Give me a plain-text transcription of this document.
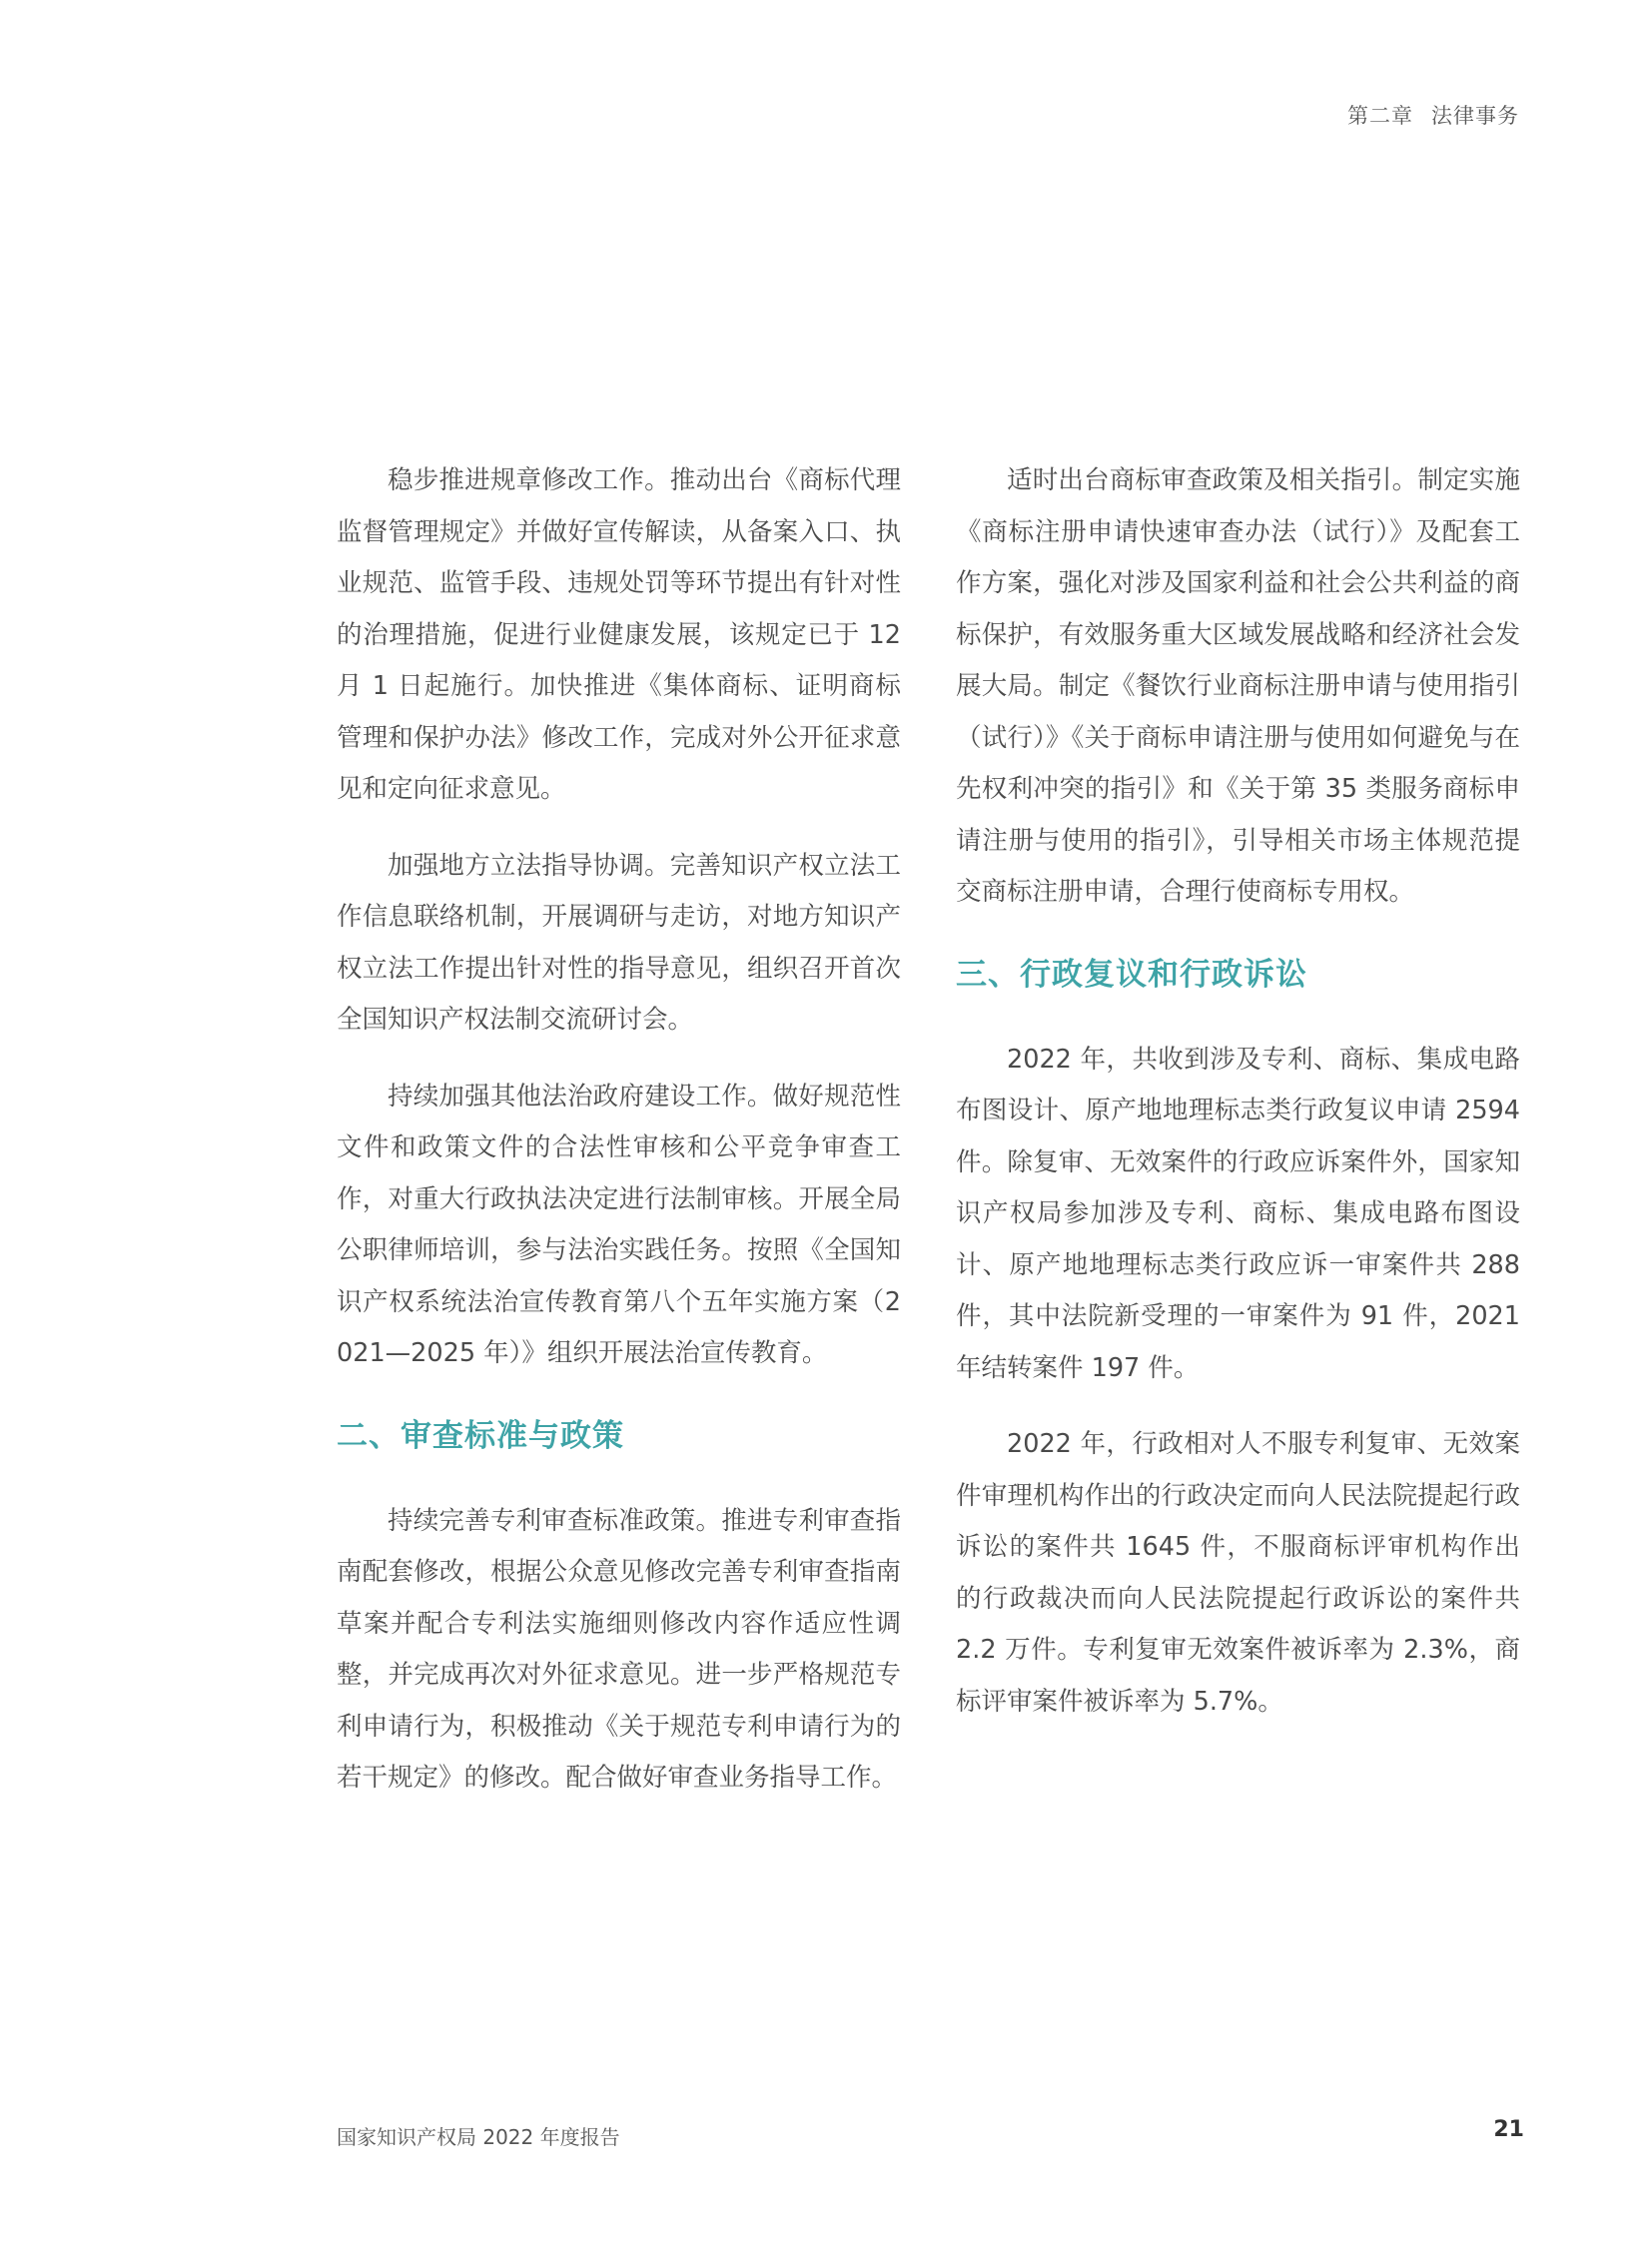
第二章 法律事务

稳步推进规章修改工作。推动出台《商标代理监督管理规定》并做好宣传解读，从备案入口、执业规范、监管手段、违规处罚等环节提出有针对性的治理措施，促进行业健康发展，该规定已于 12 月 1 日起施行。加快推进《集体商标、证明商标管理和保护办法》修改工作，完成对外公开征求意见和定向征求意见。

加强地方立法指导协调。完善知识产权立法工作信息联络机制，开展调研与走访，对地方知识产权立法工作提出针对性的指导意见，组织召开首次全国知识产权法制交流研讨会。

持续加强其他法治政府建设工作。做好规范性文件和政策文件的合法性审核和公平竞争审查工作，对重大行政执法决定进行法制审核。开展全局公职律师培训，参与法治实践任务。按照《全国知识产权系统法治宣传教育第八个五年实施方案（2021—2025 年）》组织开展法治宣传教育。

二、审查标准与政策

持续完善专利审查标准政策。推进专利审查指南配套修改，根据公众意见修改完善专利审查指南草案并配合专利法实施细则修改内容作适应性调整，并完成再次对外征求意见。进一步严格规范专利申请行为，积极推动《关于规范专利申请行为的若干规定》的修改。配合做好审查业务指导工作。

适时出台商标审查政策及相关指引。制定实施《商标注册申请快速审查办法（试行）》及配套工作方案，强化对涉及国家利益和社会公共利益的商标保护，有效服务重大区域发展战略和经济社会发展大局。制定《餐饮行业商标注册申请与使用指引（试行）》《关于商标申请注册与使用如何避免与在先权利冲突的指引》和《关于第 35 类服务商标申请注册与使用的指引》，引导相关市场主体规范提交商标注册申请，合理行使商标专用权。

三、行政复议和行政诉讼

2022 年，共收到涉及专利、商标、集成电路布图设计、原产地地理标志类行政复议申请 2594 件。除复审、无效案件的行政应诉案件外，国家知识产权局参加涉及专利、商标、集成电路布图设计、原产地地理标志类行政应诉一审案件共 288 件，其中法院新受理的一审案件为 91 件，2021 年结转案件 197 件。

2022 年，行政相对人不服专利复审、无效案件审理机构作出的行政决定而向人民法院提起行政诉讼的案件共 1645 件，不服商标评审机构作出的行政裁决而向人民法院提起行政诉讼的案件共 2.2 万件。专利复审无效案件被诉率为 2.3%，商标评审案件被诉率为 5.7%。

国家知识产权局 2022 年度报告	21
